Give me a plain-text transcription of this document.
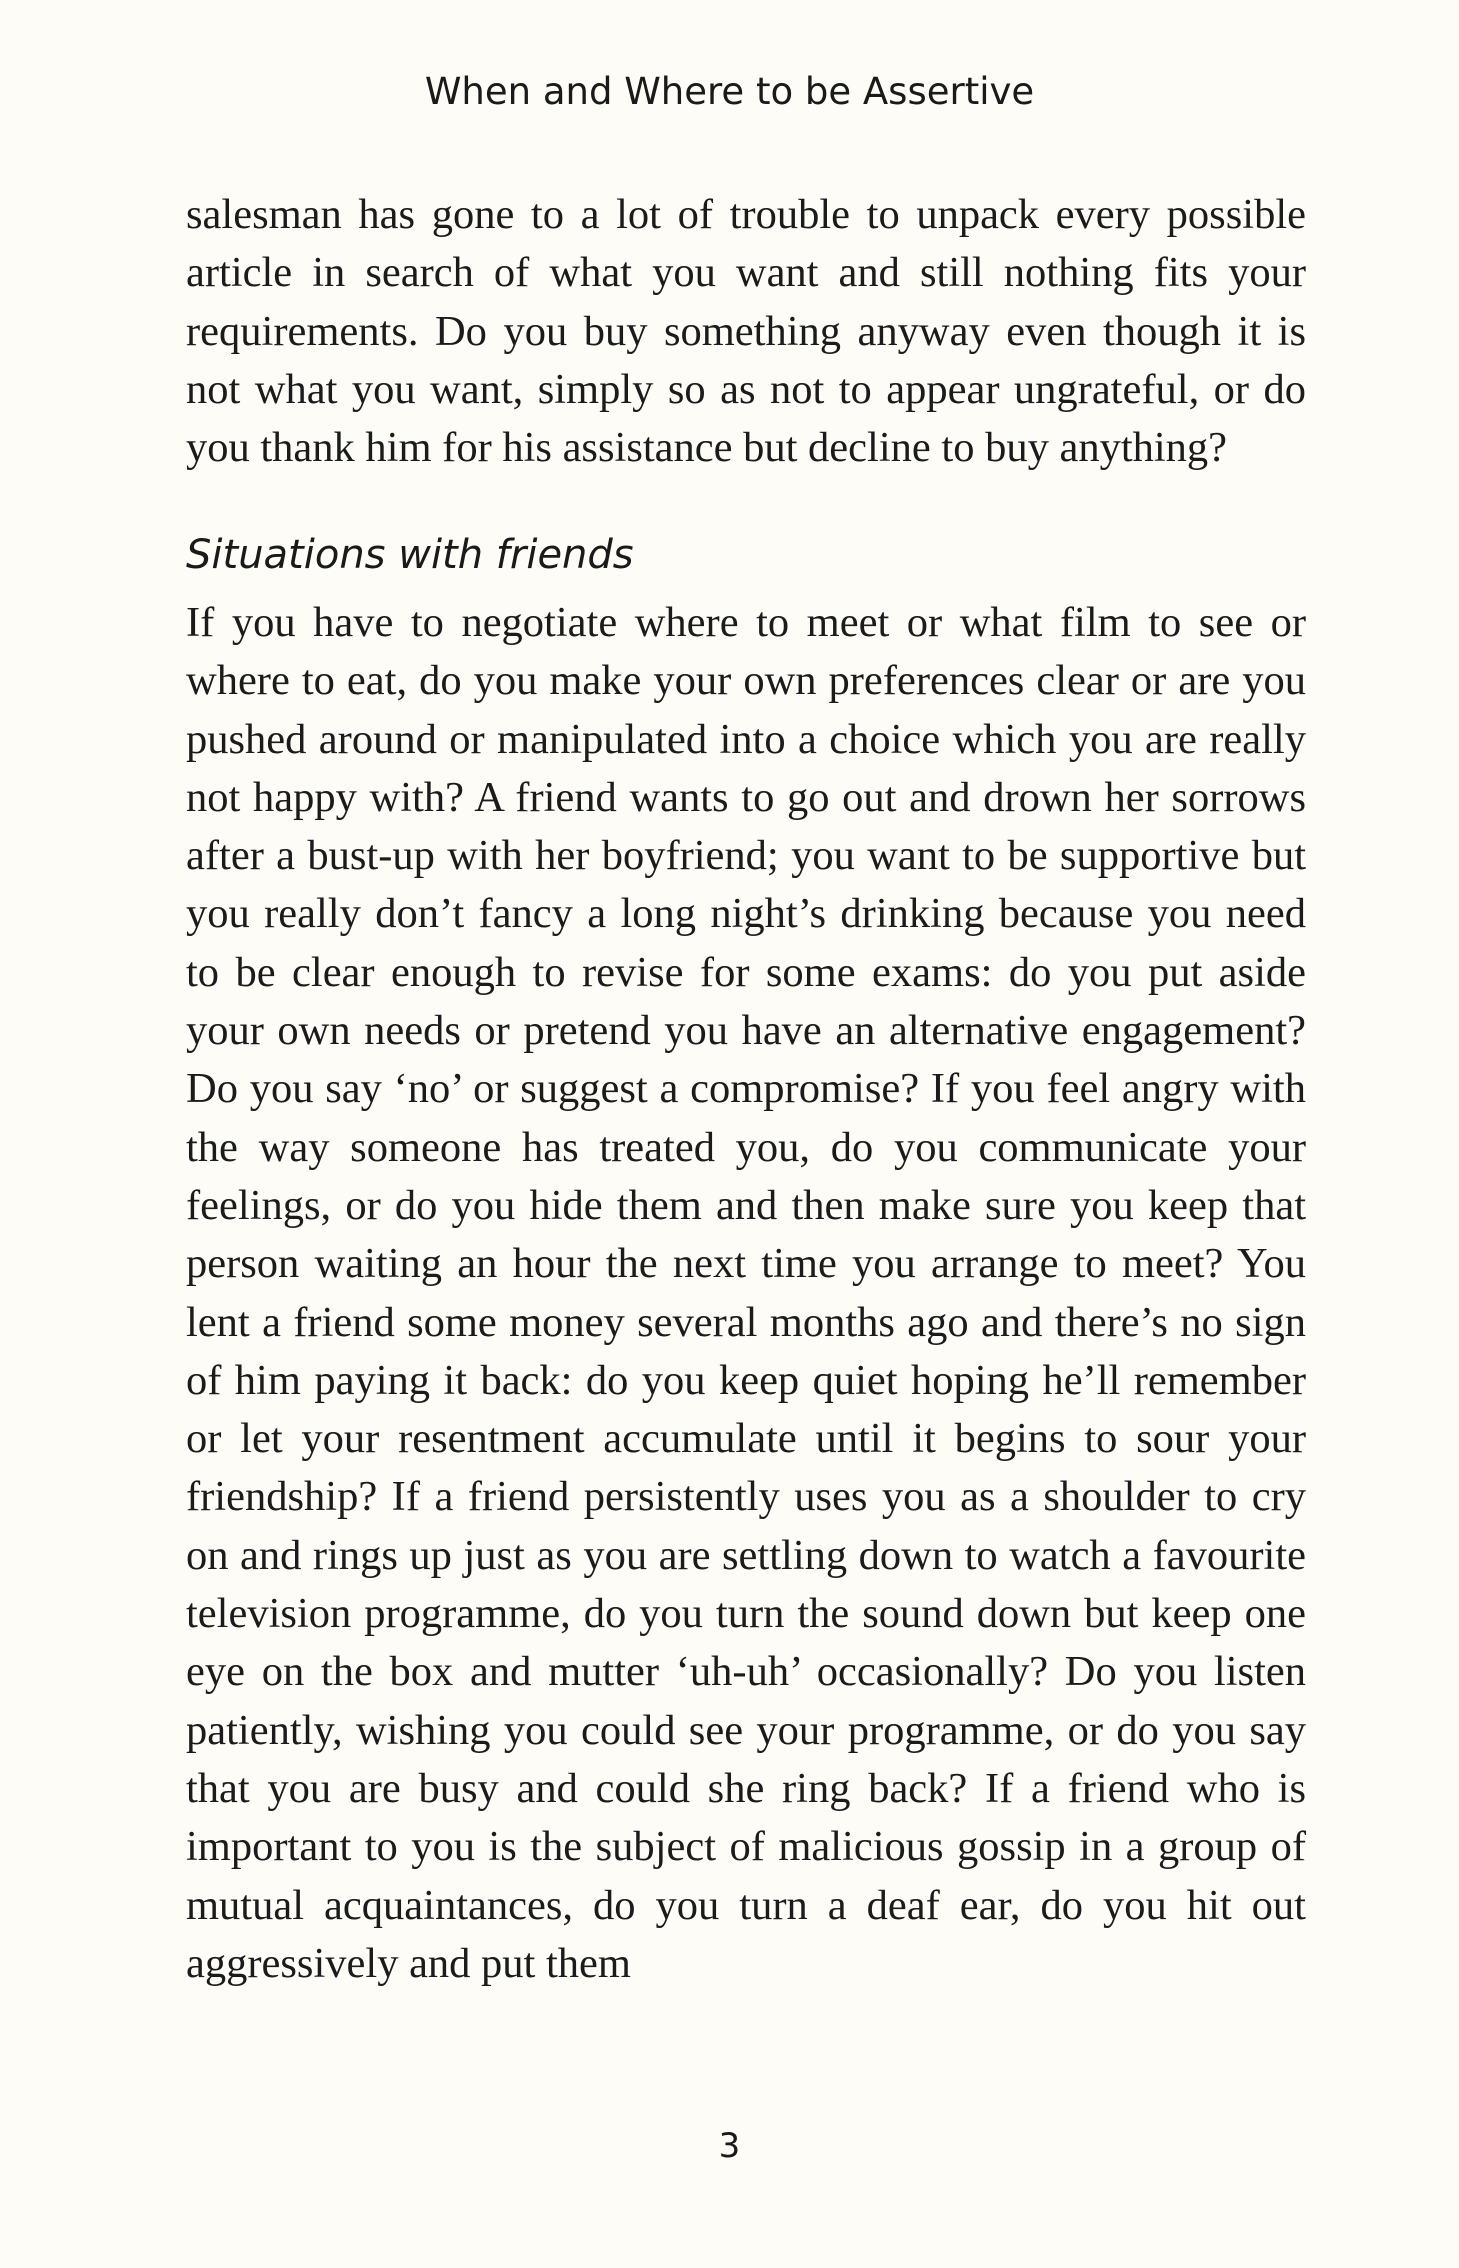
When and Where to be Assertive

salesman has gone to a lot of trouble to unpack every possible article in search of what you want and still nothing fits your requirements. Do you buy something anyway even though it is not what you want, simply so as not to appear ungrateful, or do you thank him for his assistance but decline to buy anything?

Situations with friends

If you have to negotiate where to meet or what film to see or where to eat, do you make your own preferences clear or are you pushed around or manipulated into a choice which you are really not happy with? A friend wants to go out and drown her sorrows after a bust-up with her boyfriend; you want to be supportive but you really don’t fancy a long night’s drinking because you need to be clear enough to revise for some exams: do you put aside your own needs or pretend you have an alternative engagement? Do you say ‘no’ or suggest a compromise? If you feel angry with the way someone has treated you, do you communicate your feelings, or do you hide them and then make sure you keep that person waiting an hour the next time you arrange to meet? You lent a friend some money several months ago and there’s no sign of him paying it back: do you keep quiet hoping he’ll remember or let your resentment accumulate until it begins to sour your friendship? If a friend persistently uses you as a shoulder to cry on and rings up just as you are settling down to watch a favourite television programme, do you turn the sound down but keep one eye on the box and mutter ‘uh-uh’ occasionally? Do you listen patiently, wishing you could see your programme, or do you say that you are busy and could she ring back? If a friend who is important to you is the subject of malicious gossip in a group of mutual acquaintances, do you turn a deaf ear, do you hit out aggressively and put them

3
